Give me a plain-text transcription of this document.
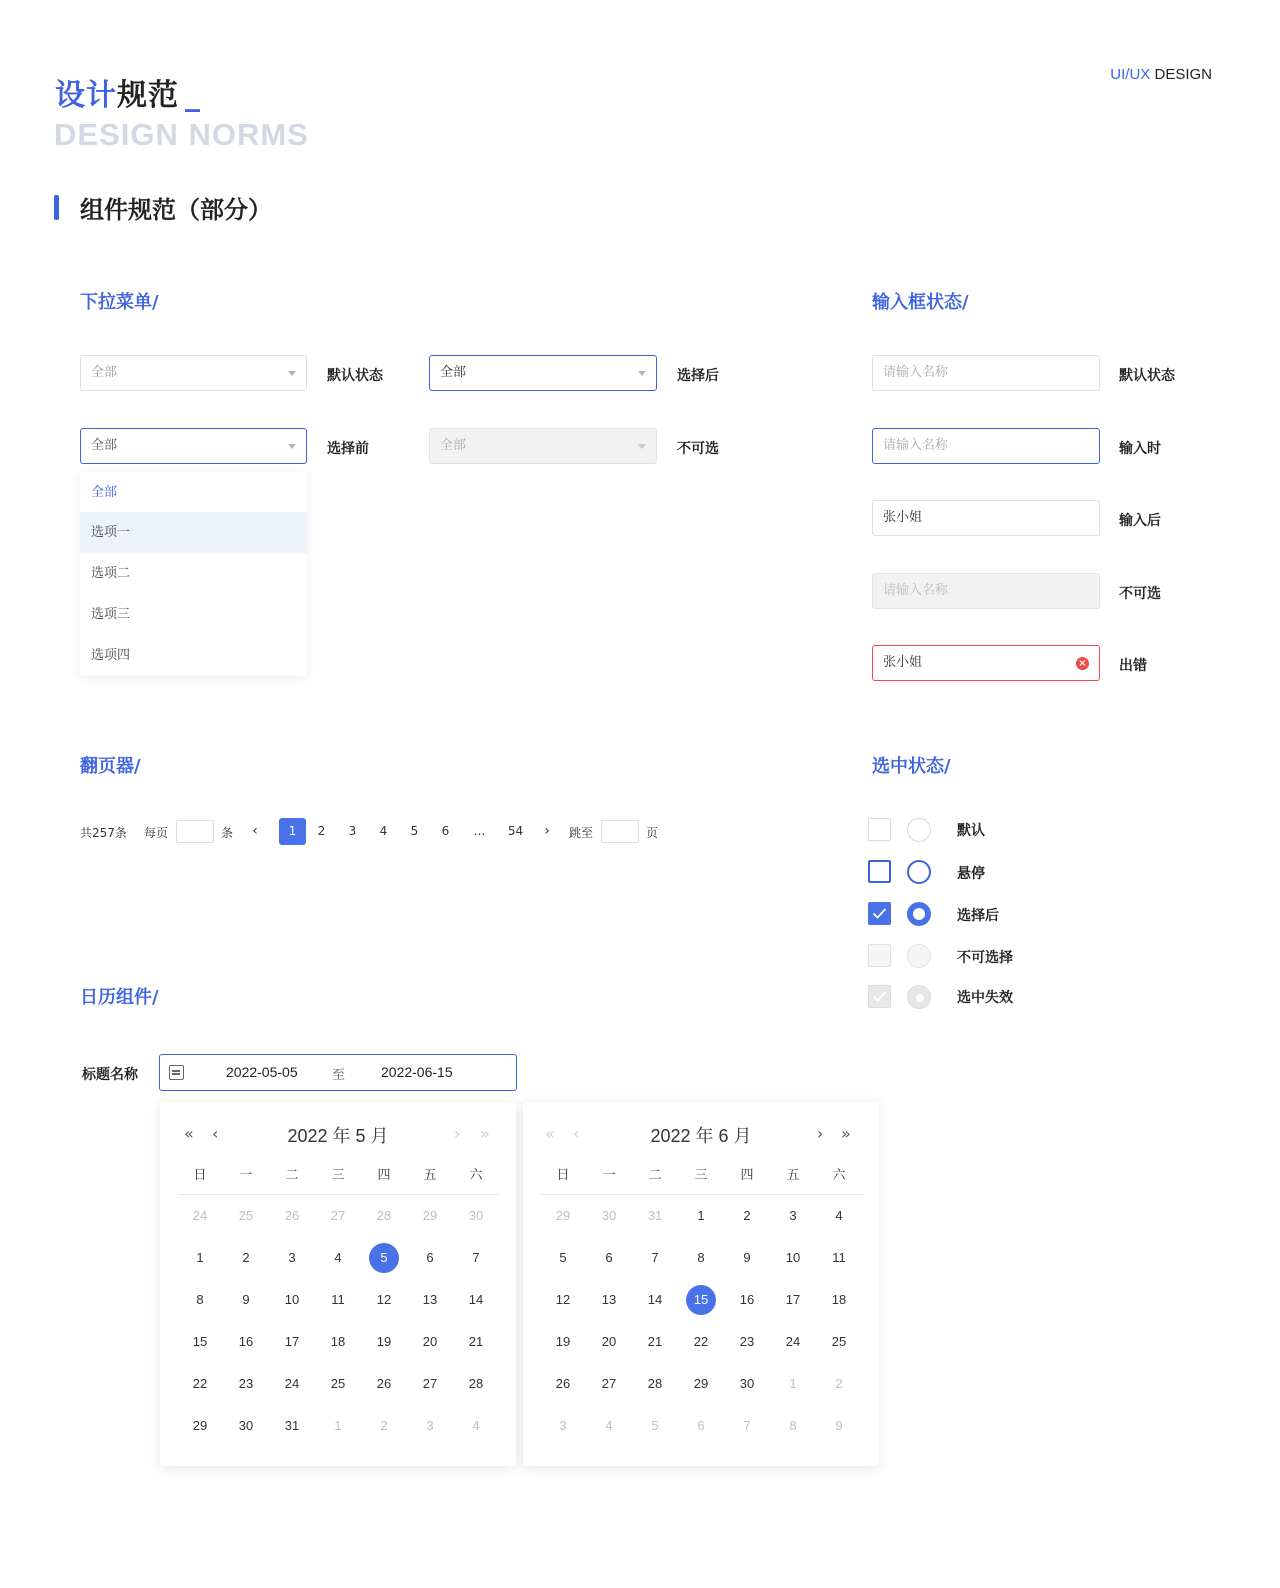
设计规范 _
DESIGN NORMS
UI/UX DESIGN
组件规范（部分）
下拉菜单/
全部	默认状态	全部	选择后
全部	选择前	全部	不可选
全部
选项一
选项二
选项三
选项四
输入框状态/
请输入名称	默认状态
请输入名称	输入时
张小姐	输入后
请输入名称	不可选
张小姐	× 出错
翻页器/
共257条 每页	条 ‹	1	2	3	4	5	6	...	54	›	跳至	页
选中状态/
默认
悬停
选择后
不可选择
选中失效
日历组件/
标题名称	2022-05-05	至	2022-06-15
« ‹	2022 年 5 月	› »
日	一	二	三	四	五	六
24	25	26	27	28	29	30
1	2	3	4	5	6	7
8	9	10	11	12	13	14
15	16	17	18	19	20	21
22	23	24	25	26	27	28
29	30	31	1	2	3	4
« ‹	2022 年 6 月	› »
日	一	二	三	四	五	六
29	30	31	1	2	3	4
5	6	7	8	9	10	11
12	13	14	15	16	17	18
19	20	21	22	23	24	25
26	27	28	29	30	1	2
3	4	5	6	7	8	9
